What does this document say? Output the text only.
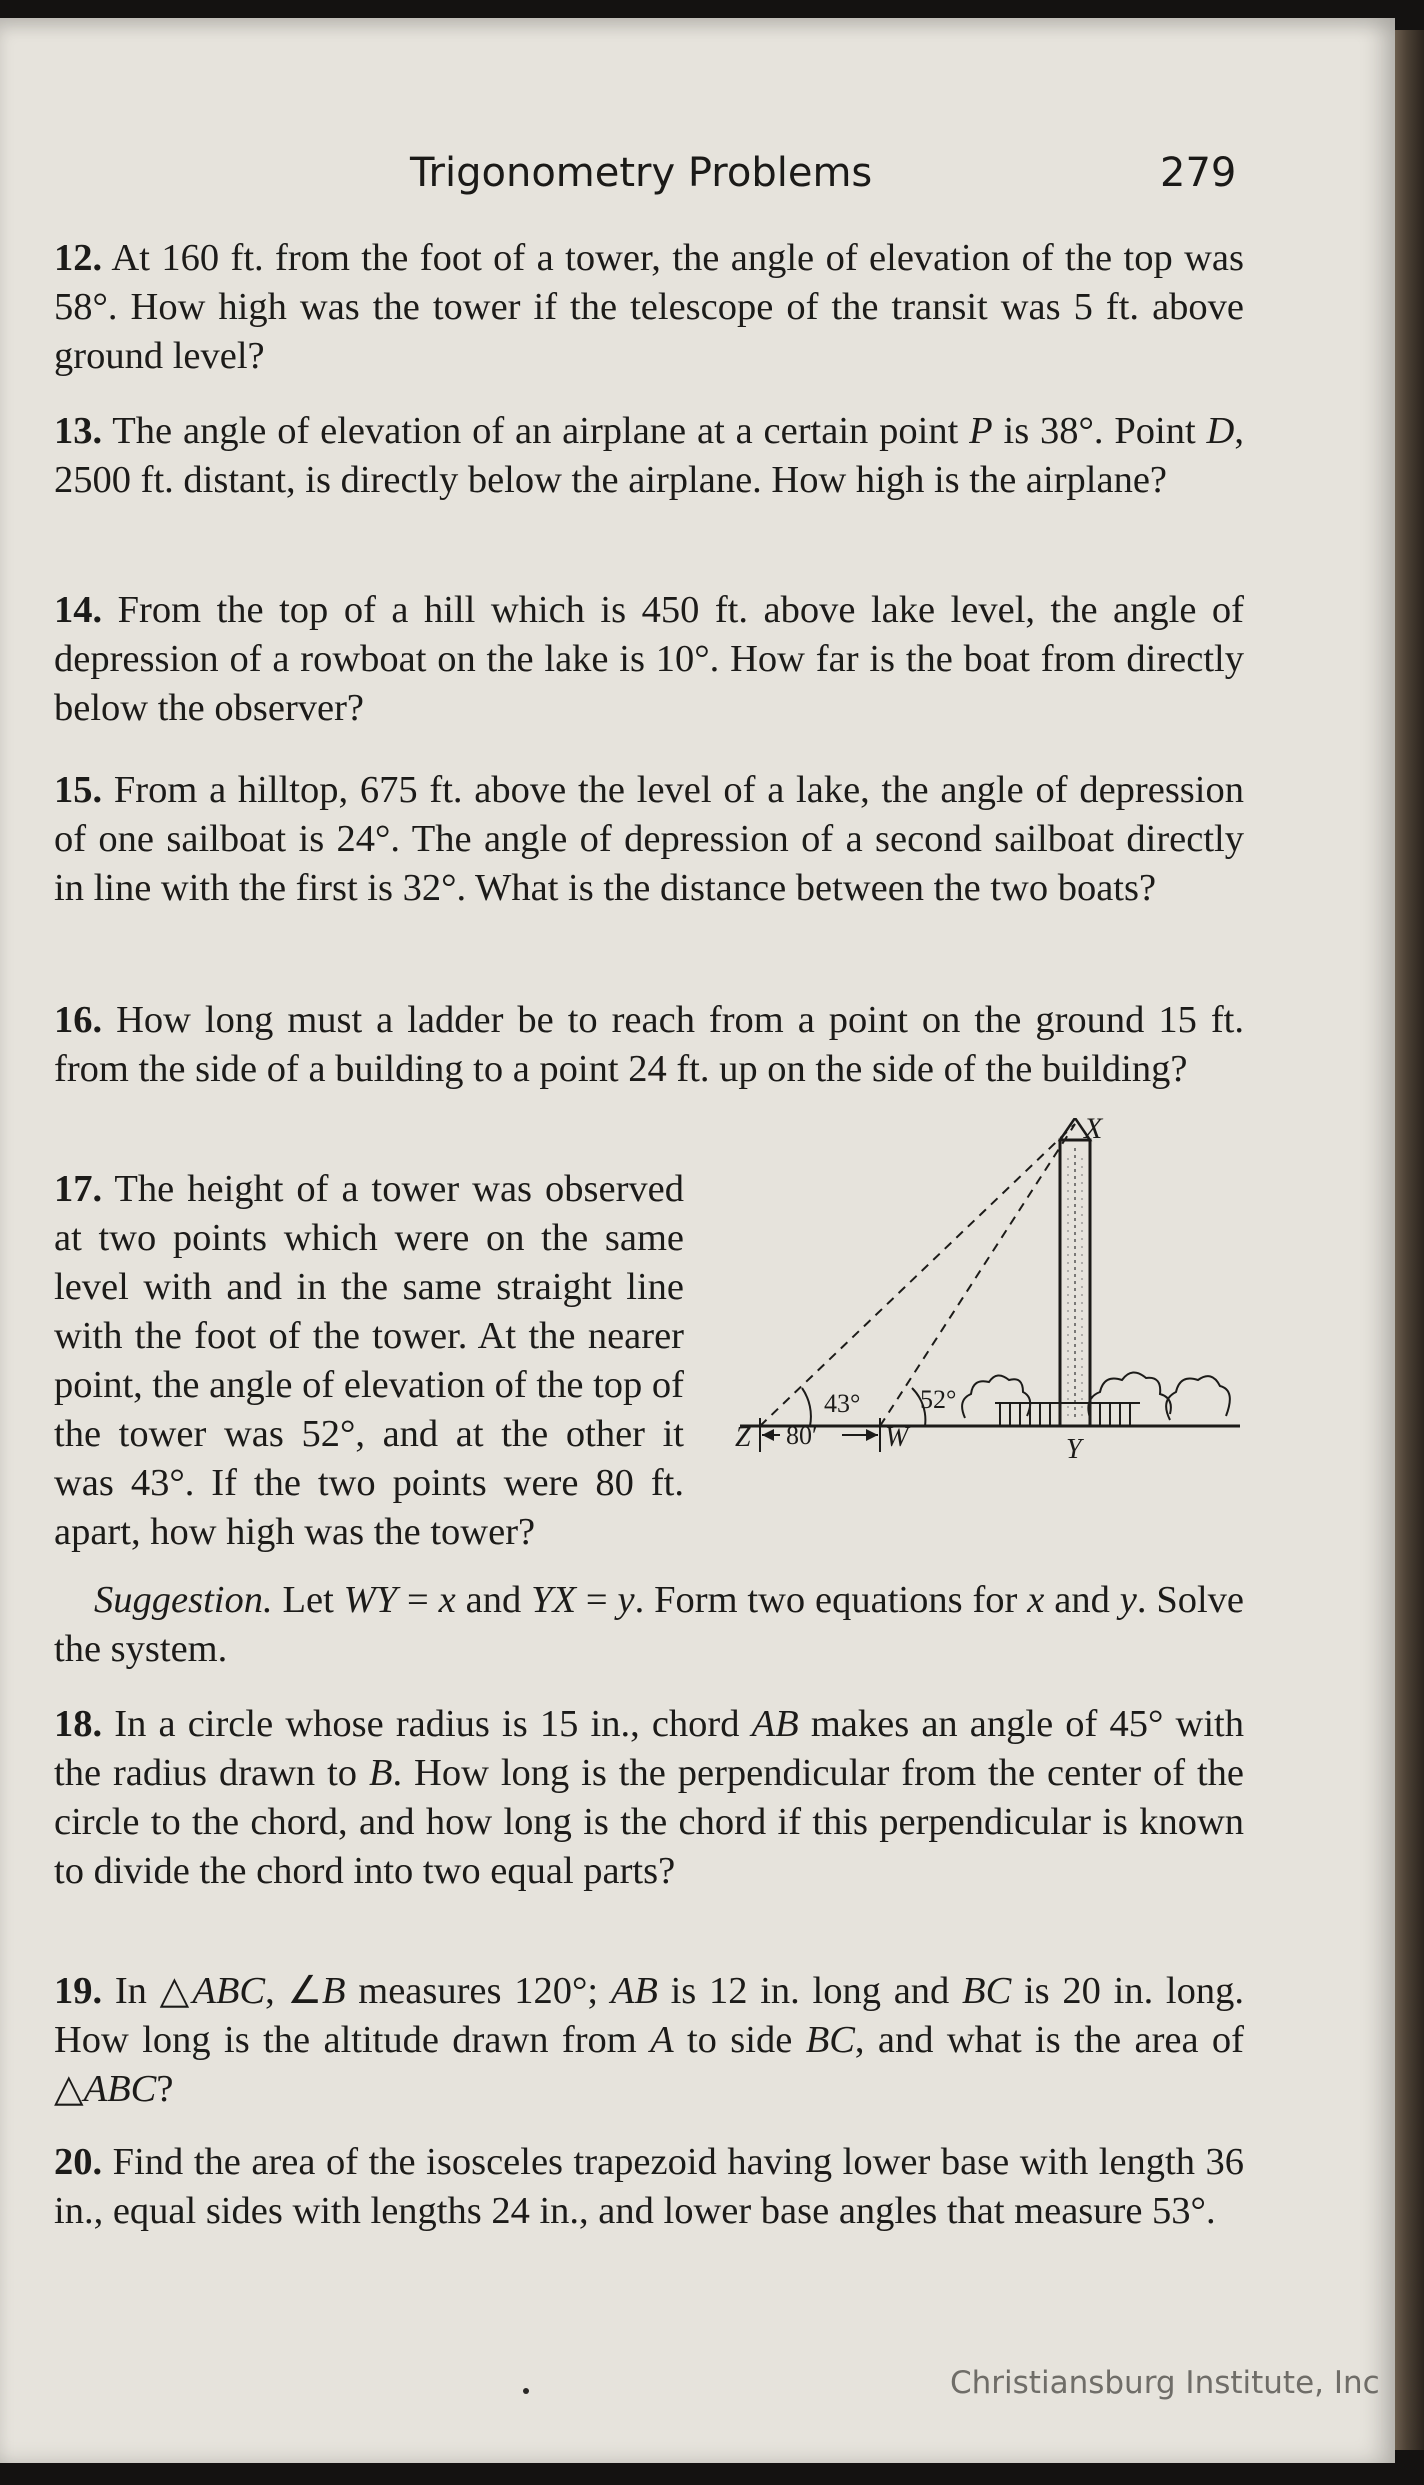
Trigonometry Problems	279

12. At 160 ft. from the foot of a tower, the angle of elevation of the top was 58°. How high was the tower if the telescope of the transit was 5 ft. above ground level?

13. The angle of elevation of an airplane at a certain point P is 38°. Point D, 2500 ft. distant, is directly below the airplane. How high is the airplane?

14. From the top of a hill which is 450 ft. above lake level, the angle of depression of a rowboat on the lake is 10°. How far is the boat from directly below the observer?

15. From a hilltop, 675 ft. above the level of a lake, the angle of depression of one sailboat is 24°. The angle of depression of a second sailboat directly in line with the first is 32°. What is the distance between the two boats?

16. How long must a ladder be to reach from a point on the ground 15 ft. from the side of a building to a point 24 ft. up on the side of the building?

17. The height of a tower was observed at two points which were on the same level with and in the same straight line with the foot of the tower. At the nearer point, the angle of elevation of the top of the tower was 52°, and at the other it was 43°. If the two points were 80 ft. apart, how high was the tower?

X
Y
Z	W
43° 52°
80′

Suggestion. Let WY = x and YX = y. Form two equations for x and y. Solve the system.

18. In a circle whose radius is 15 in., chord AB makes an angle of 45° with the radius drawn to B. How long is the perpendicular from the center of the circle to the chord, and how long is the chord if this perpendicular is known to divide the chord into two equal parts?

19. In △ABC, ∠B measures 120°; AB is 12 in. long and BC is 20 in. long. How long is the altitude drawn from A to side BC, and what is the area of △ABC?

20. Find the area of the isosceles trapezoid having lower base with length 36 in., equal sides with lengths 24 in., and lower base angles that measure 53°.

Christiansburg Institute, Inc
